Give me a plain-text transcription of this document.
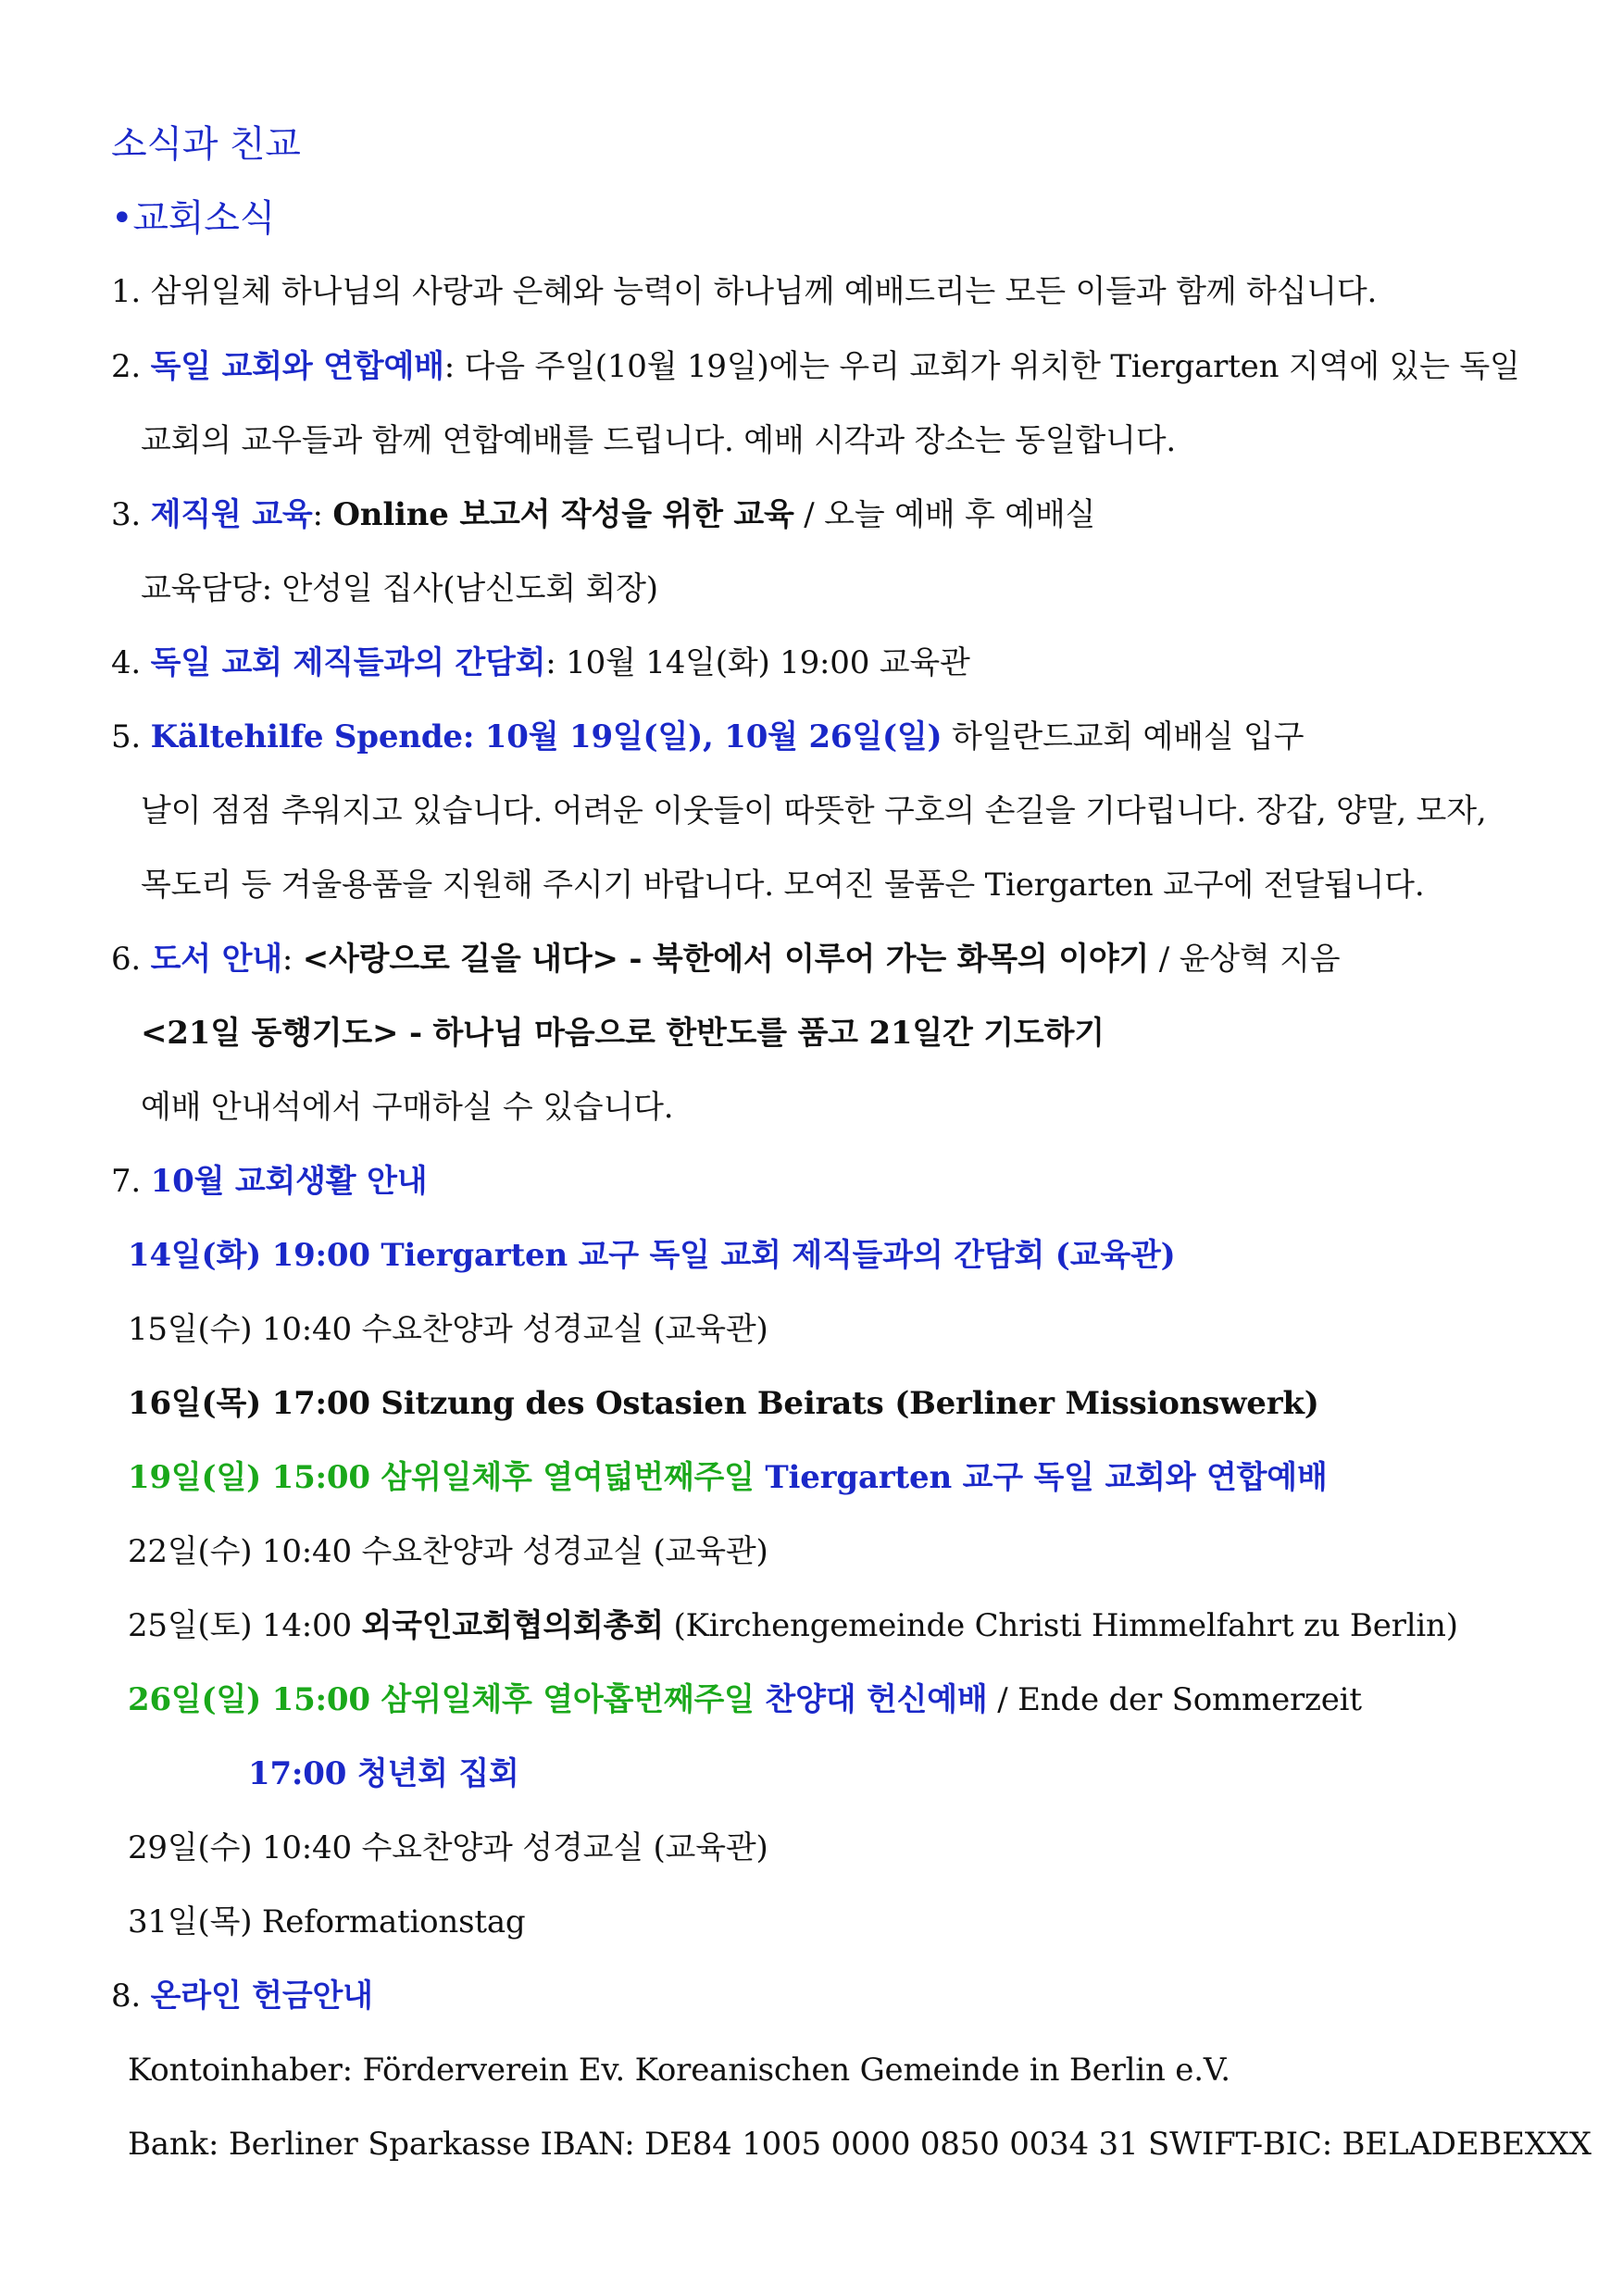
소식과 친교
•교회소식
1. 삼위일체 하나님의 사랑과 은혜와 능력이 하나님께 예배드리는 모든 이들과 함께 하십니다.
2. 독일 교회와 연합예배: 다음 주일(10월 19일)에는 우리 교회가 위치한 Tiergarten 지역에 있는 독일
교회의 교우들과 함께 연합예배를 드립니다. 예배 시각과 장소는 동일합니다.
3. 제직원 교육: Online 보고서 작성을 위한 교육 / 오늘 예배 후 예배실
교육담당: 안성일 집사(남신도회 회장)
4. 독일 교회 제직들과의 간담회: 10월 14일(화) 19:00 교육관
5. Kältehilfe Spende: 10월 19일(일), 10월 26일(일) 하일란드교회 예배실 입구
날이 점점 추워지고 있습니다. 어려운 이웃들이 따뜻한 구호의 손길을 기다립니다. 장갑, 양말, 모자,
목도리 등 겨울용품을 지원해 주시기 바랍니다. 모여진 물품은 Tiergarten 교구에 전달됩니다.
6. 도서 안내: <사랑으로 길을 내다> - 북한에서 이루어 가는 화목의 이야기 / 윤상혁 지음
<21일 동행기도> - 하나님 마음으로 한반도를 품고 21일간 기도하기
예배 안내석에서 구매하실 수 있습니다.
7. 10월 교회생활 안내
14일(화) 19:00 Tiergarten 교구 독일 교회 제직들과의 간담회 (교육관)
15일(수) 10:40 수요찬양과 성경교실 (교육관)
16일(목) 17:00 Sitzung des Ostasien Beirats (Berliner Missionswerk)
19일(일) 15:00 삼위일체후 열여덟번째주일 Tiergarten 교구 독일 교회와 연합예배
22일(수) 10:40 수요찬양과 성경교실 (교육관)
25일(토) 14:00 외국인교회협의회총회 (Kirchengemeinde Christi Himmelfahrt zu Berlin)
26일(일) 15:00 삼위일체후 열아홉번째주일 찬양대 헌신예배 / Ende der Sommerzeit
17:00 청년회 집회
29일(수) 10:40 수요찬양과 성경교실 (교육관)
31일(목) Reformationstag
8. 온라인 헌금안내
Kontoinhaber: Förderverein Ev. Koreanischen Gemeinde in Berlin e.V.
Bank: Berliner Sparkasse IBAN: DE84 1005 0000 0850 0034 31 SWIFT-BIC: BELADEBEXXX
